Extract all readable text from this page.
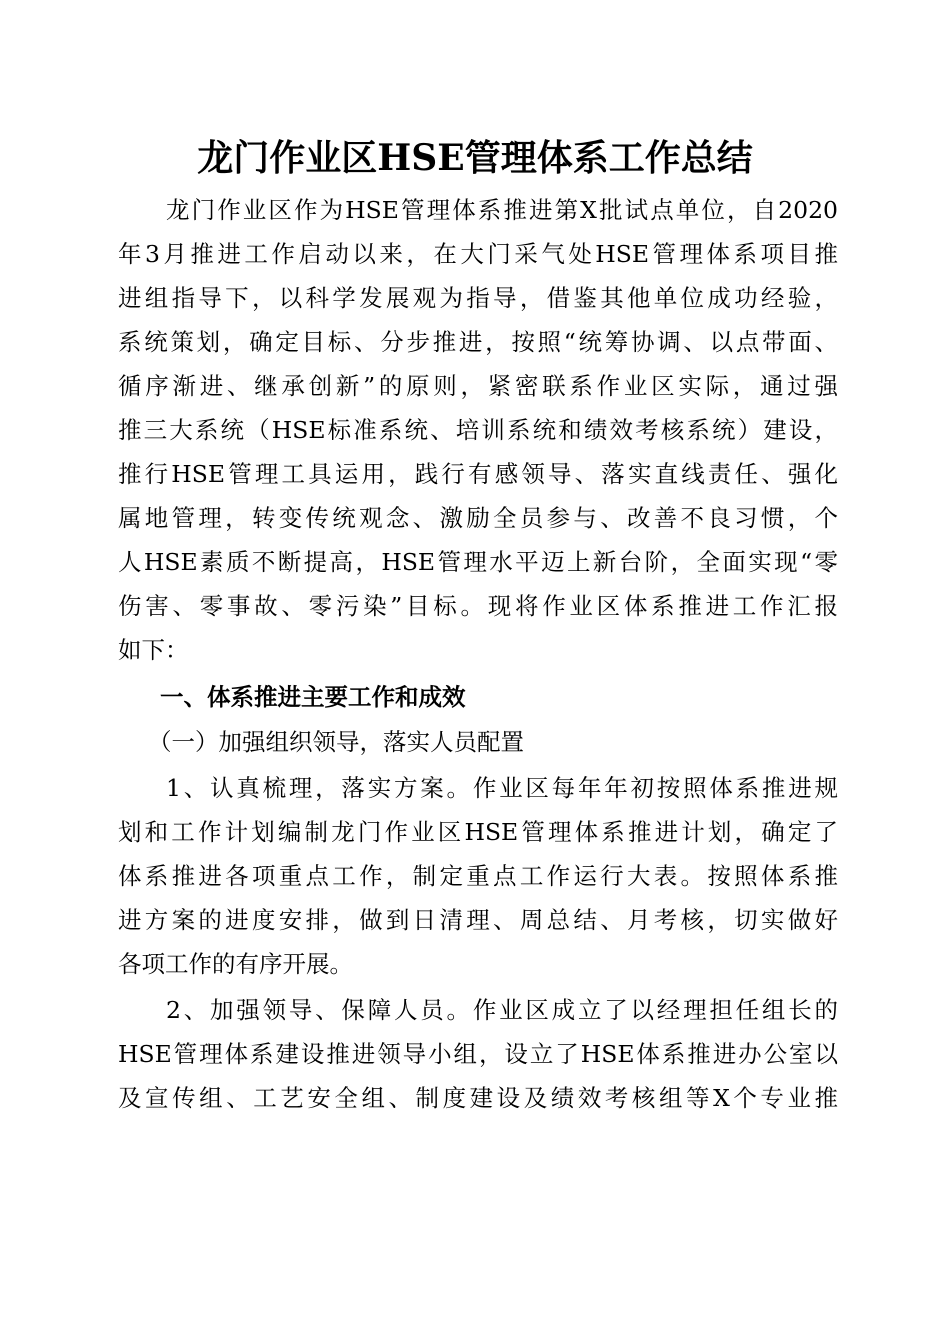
龙门作业区HSE管理体系工作总结
龙门作业区作为HSE管理体系推进第X批试点单位，自2020
年3月推进工作启动以来，在大门采气处HSE管理体系项目推
进组指导下，以科学发展观为指导，借鉴其他单位成功经验，
系统策划，确定目标、分步推进，按照“统筹协调、以点带面、
循序渐进、继承创新”的原则，紧密联系作业区实际，通过强
推三大系统（HSE标准系统、培训系统和绩效考核系统）建设，
推行HSE管理工具运用，践行有感领导、落实直线责任、强化
属地管理，转变传统观念、激励全员参与、改善不良习惯，个
人HSE素质不断提高，HSE管理水平迈上新台阶，全面实现“零
伤害、零事故、零污染”目标。现将作业区体系推进工作汇报
如下：
一、体系推进主要工作和成效
（一）加强组织领导，落实人员配置
1、认真梳理，落实方案。作业区每年年初按照体系推进规
划和工作计划编制龙门作业区HSE管理体系推进计划，确定了
体系推进各项重点工作，制定重点工作运行大表。按照体系推
进方案的进度安排，做到日清理、周总结、月考核，切实做好
各项工作的有序开展。
2、加强领导、保障人员。作业区成立了以经理担任组长的
HSE管理体系建设推进领导小组，设立了HSE体系推进办公室以
及宣传组、工艺安全组、制度建设及绩效考核组等X个专业推
